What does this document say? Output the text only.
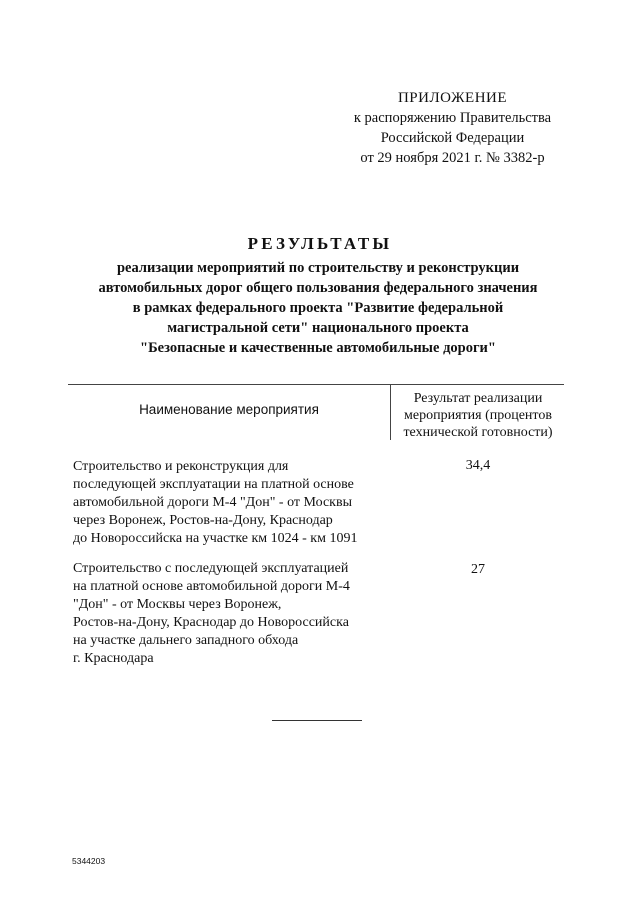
ПРИЛОЖЕНИЕ
к распоряжению Правительства
Российской Федерации
от 29 ноября 2021 г. № 3382-р
РЕЗУЛЬТАТЫ
реализации мероприятий по строительству и реконструкции
автомобильных дорог общего пользования федерального значения
в рамках федерального проекта "Развитие федеральной
магистральной сети" национального проекта
"Безопасные и качественные автомобильные дороги"
Наименование мероприятия
Результат реализации
мероприятия (процентов
технической готовности)
Строительство и реконструкция для
последующей эксплуатации на платной основе
автомобильной дороги М-4 "Дон" - от Москвы
через Воронеж, Ростов-на-Дону, Краснодар
до Новороссийска на участке км 1024 - км 1091
34,4
Строительство с последующей эксплуатацией
на платной основе автомобильной дороги М-4
"Дон" - от Москвы через Воронеж,
Ростов-на-Дону, Краснодар до Новороссийска
на участке дальнего западного обхода
г. Краснодара
27
5344203
